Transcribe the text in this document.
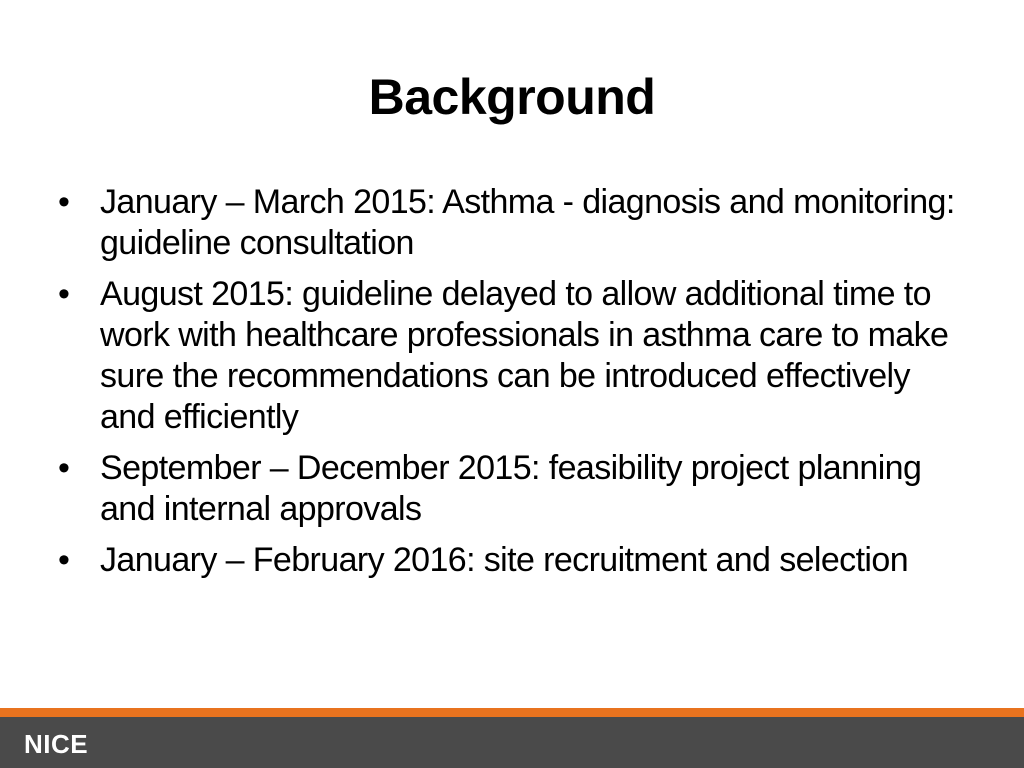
Background
• January – March 2015: Asthma - diagnosis and monitoring: guideline consultation
• August 2015: guideline delayed to allow additional time to work with healthcare professionals in asthma care to make sure the recommendations can be introduced effectively and efficiently
• September – December 2015: feasibility project planning and internal approvals
• January – February 2016: site recruitment and selection
NICE
